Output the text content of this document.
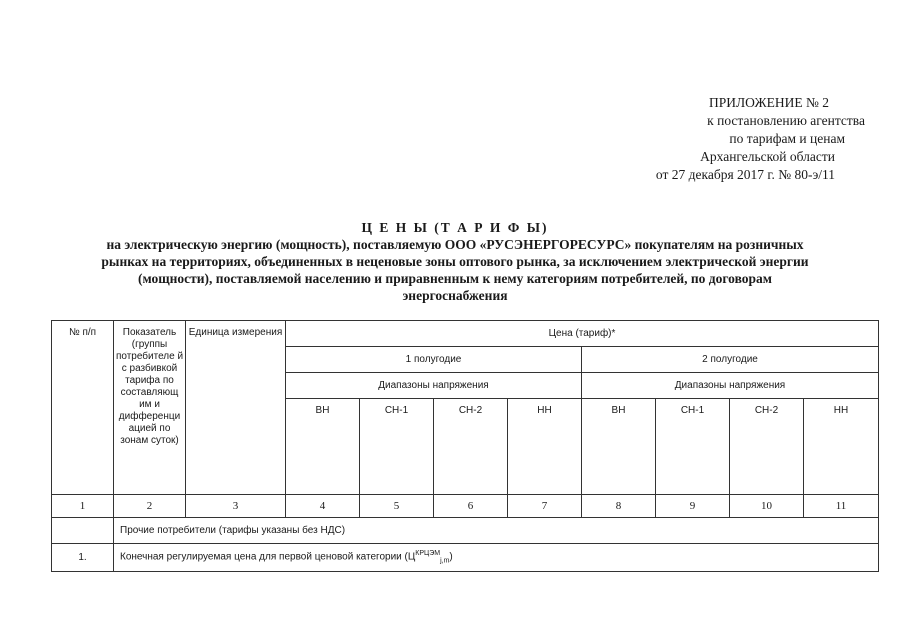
ПРИЛОЖЕНИЕ № 2
к постановлению агентства
по тарифам и ценам
Архангельской области
от 27 декабря 2017 г. № 80-э/11
Ц Е Н Ы (Т А Р И Ф Ы)
на электрическую энергию (мощность), поставляемую ООО «РУСЭНЕРГОРЕСУРС» покупателям на розничных
рынках на территориях, объединенных в неценовые зоны оптового рынка, за исключением электрической энергии
(мощности), поставляемой населению и приравненным к нему категориям потребителей, по договорам
энергоснабжения
№ п/п	Показатель (группы потребителе й с разбивкой тарифа по составляющ им и дифференци ацией по зонам суток)	Единица измерения	Цена (тариф)*							
			1 полугодие				2 полугодие			
			Диапазоны напряжения				Диапазоны напряжения			
			ВН	СН-1	СН-2	НН	ВН	СН-1	СН-2	НН
1	2	3	4	5	6	7	8	9	10	11
	Прочие потребители (тарифы указаны без НДС)									
1.	Конечная регулируемая цена для первой ценовой категории $(Ц^{КРЦЭМ}_{j,m})$									
